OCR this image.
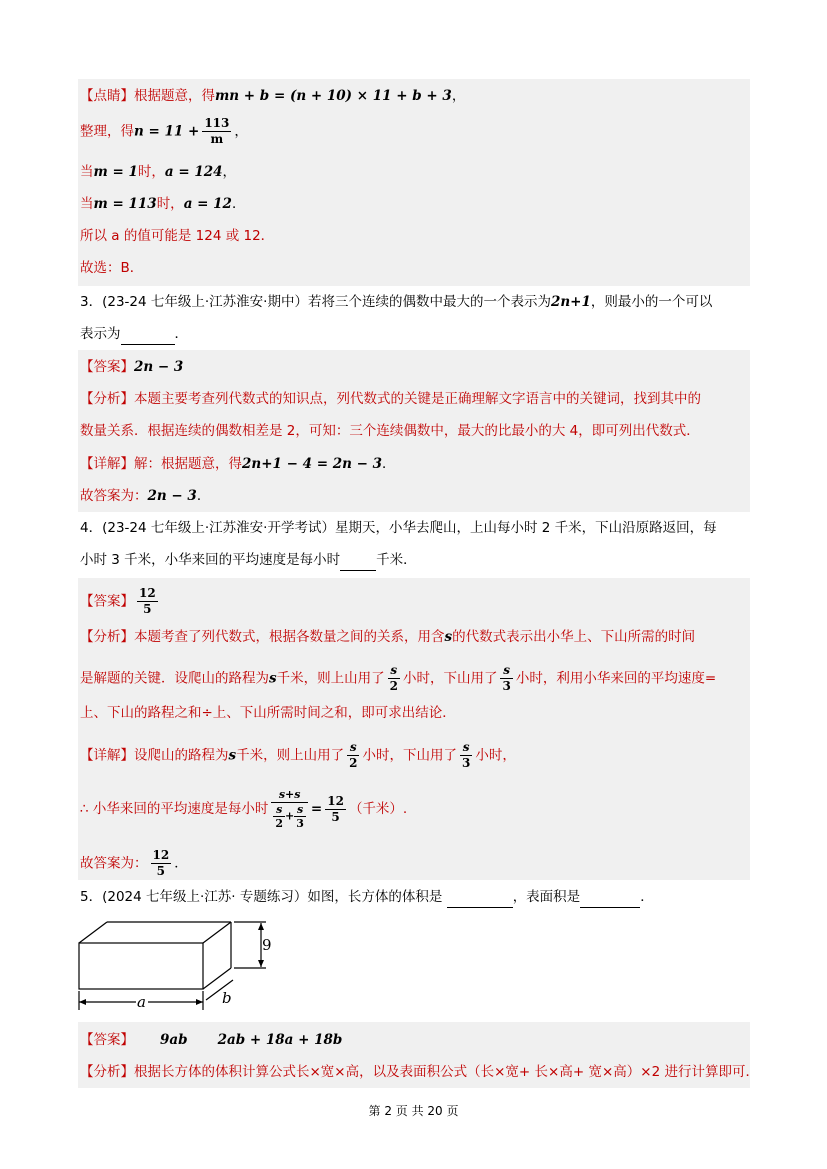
【点睛】根据题意，得mn + b = (n + 10) × 11 + b + 3，
整理，得$n = 11 + \frac{113}{m}$ ，
当m = 1时，a = 124，
当m = 113时，a = 12．
所以 a 的值可能是 124 或 12．
故选：B．
3．(23-24 七年级上·江苏淮安·期中）若将三个连续的偶数中最大的一个表示为2n+1，则最小的一个可以
表示为	．
【答案】2n − 3
【分析】本题主要考查列代数式的知识点，列代数式的关键是正确理解文字语言中的关键词，找到其中的
数量关系．根据连续的偶数相差是 2，可知：三个连续偶数中，最大的比最小的大 4，即可列出代数式．
【详解】解：根据题意，得2n+1 − 4 = 2n − 3．
故答案为：2n − 3．
4．(23-24 七年级上·江苏淮安·开学考试）星期天，小华去爬山，上山每小时 2 千米，下山沿原路返回，每
小时 3 千米，小华来回的平均速度是每小时	千米．
【答案】 $\frac{12}{5}$
【分析】本题考查了列代数式，根据各数量之间的关系，用含s的代数式表示出小华上、下山所需的时间
是解题的关键．设爬山的路程为s千米，则上山用了 $\frac{s}{2}$ 小时，下山用了 $\frac{s}{3}$ 小时，利用小华来回的平均速度=
上、下山的路程之和÷上、下山所需时间之和，即可求出结论．
【详解】设爬山的路程为s千米，则上山用了 $\frac{s}{2}$ 小时，下山用了 $\frac{s}{3}$ 小时，
∴ 小华来回的平均速度是每小时 $\frac{s+s}{\frac{s}{2} + \frac{s}{3}} = \frac{12}{5}$ （千米）.
故答案为： $\frac{12}{5}$ ．
5．(2024 七年级上·江苏· 专题练习）如图，长方体的体积是	，表面积是	．
9
a	b
【答案】 9ab 2ab + 18a + 18b
【分析】根据长方体的体积计算公式长×宽×高，以及表面积公式（长×宽+ 长×高+ 宽×高）×2 进行计算即可．
第 2 页 共 20 页
